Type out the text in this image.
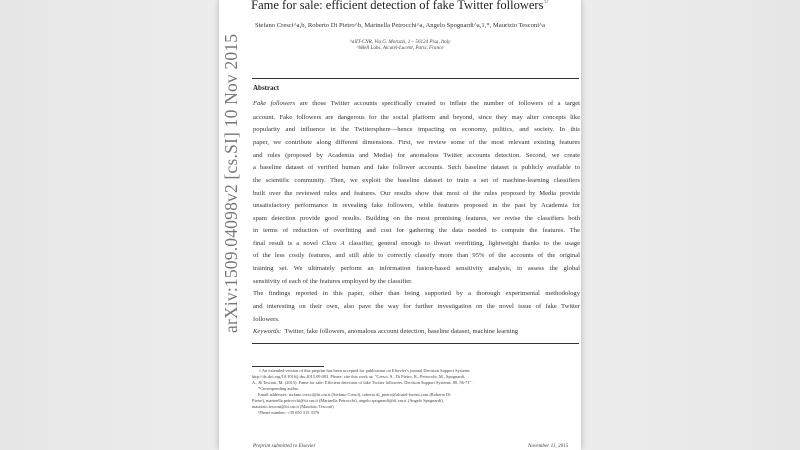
arXiv:1509.04098v2 [cs.SI] 10 Nov 2015
Fame for sale: efficient detection of fake Twitter followers☆
Stefano Cresci^a,b, Roberto Di Pietro^b, Marinella Petrocchi^a, Angelo Spognardi^a,1,*, Maurizio Tesconi^a
^aIIT-CNR, Via G. Moruzzi, 1 – 56124 Pisa, Italy
^bBell Labs, Alcatel-Lucent, Paris, France
Abstract
Fake followers are those Twitter accounts specifically created to inflate the number of followers of a target
account. Fake followers are dangerous for the social platform and beyond, since they may alter concepts like
popularity and influence in the Twittersphere—hence impacting on economy, politics, and society. In this
paper, we contribute along different dimensions. First, we review some of the most relevant existing features
and rules (proposed by Academia and Media) for anomalous Twitter accounts detection. Second, we create
a baseline dataset of verified human and fake follower accounts. Such baseline dataset is publicly available to
the scientific community. Then, we exploit the baseline dataset to train a set of machine-learning classifiers
built over the reviewed rules and features. Our results show that most of the rules proposed by Media provide
unsatisfactory performance in revealing fake followers, while features proposed in the past by Academia for
spam detection provide good results. Building on the most promising features, we revise the classifiers both
in terms of reduction of overfitting and cost for gathering the data needed to compute the features. The
final result is a novel Class A classifier, general enough to thwart overfitting, lightweight thanks to the usage
of the less costly features, and still able to correctly classify more than 95% of the accounts of the original
training set. We ultimately perform an information fusion-based sensitivity analysis, to assess the global
sensitivity of each of the features employed by the classifier.
The findings reported in this paper, other than being supported by a thorough experimental methodology
and interesting on their own, also pave the way for further investigation on the novel issue of fake Twitter
followers.
Keywords: Twitter, fake followers, anomalous account detection, baseline dataset, machine learning
☆An extended version of this preprint has been accepted for publication on Elsevier's journal Decision Support Systems
http://dx.doi.org/10.1016/j.dss.2015.09.003. Please, cite this work as: "Cresci, S., Di Pietro, R., Petrocchi, M., Spognardi,
A., & Tesconi, M. (2015). Fame for sale: Efficient detection of fake Twitter followers. Decision Support Systems, 80, 56-71".
*Corresponding author
Email addresses: stefano.cresci@iit.cnr.it (Stefano Cresci), roberto.di_pietro@alcatel-lucent.com (Roberto Di
Pietro), marinella.petrocchi@iit.cnr.it (Marinella Petrocchi), angelo.spognardi@iit.cnr.it (Angelo Spognardi),
maurizio.tesconi@iit.cnr.it (Maurizio Tesconi)
¹Phone number: +39 050 315 3376
Preprint submitted to Elsevier	November 11, 2015
